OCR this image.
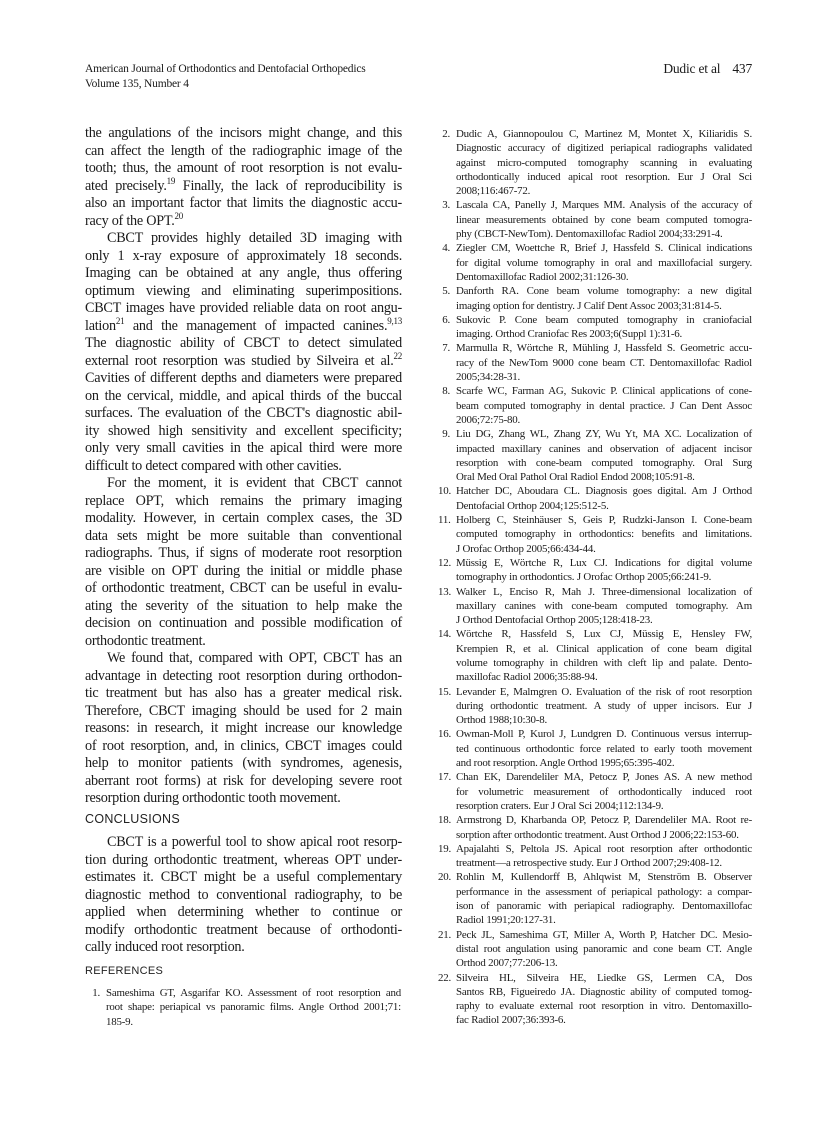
American Journal of Orthodontics and Dentofacial Orthopedics
Volume 135, Number 4
Dudic et al 437
the angulations of the incisors might change, and this
can affect the length of the radiographic image of the
tooth; thus, the amount of root resorption is not evalu-
ated precisely.$^{19}$ Finally, the lack of reproducibility is
also an important factor that limits the diagnostic accu-
racy of the OPT.$^{20}$
CBCT provides highly detailed 3D imaging with
only 1 x-ray exposure of approximately 18 seconds.
Imaging can be obtained at any angle, thus offering
optimum viewing and eliminating superimpositions.
CBCT images have provided reliable data on root angu-
lation$^{21}$ and the management of impacted canines.$^{9,13}$
The diagnostic ability of CBCT to detect simulated
external root resorption was studied by Silveira et al.$^{22}$
Cavities of different depths and diameters were prepared
on the cervical, middle, and apical thirds of the buccal
surfaces. The evaluation of the CBCT's diagnostic abil-
ity showed high sensitivity and excellent specificity;
only very small cavities in the apical third were more
difficult to detect compared with other cavities.
For the moment, it is evident that CBCT cannot
replace OPT, which remains the primary imaging
modality. However, in certain complex cases, the 3D
data sets might be more suitable than conventional
radiographs. Thus, if signs of moderate root resorption
are visible on OPT during the initial or middle phase
of orthodontic treatment, CBCT can be useful in evalu-
ating the severity of the situation to help make the
decision on continuation and possible modification of
orthodontic treatment.
We found that, compared with OPT, CBCT has an
advantage in detecting root resorption during orthodon-
tic treatment but has also has a greater medical risk.
Therefore, CBCT imaging should be used for 2 main
reasons: in research, it might increase our knowledge
of root resorption, and, in clinics, CBCT images could
help to monitor patients (with syndromes, agenesis,
aberrant root forms) at risk for developing severe root
resorption during orthodontic tooth movement.
CONCLUSIONS
CBCT is a powerful tool to show apical root resorp-
tion during orthodontic treatment, whereas OPT under-
estimates it. CBCT might be a useful complementary
diagnostic method to conventional radiography, to be
applied when determining whether to continue or
modify orthodontic treatment because of orthodonti-
cally induced root resorption.
REFERENCES
1. Sameshima GT, Asgarifar KO. Assessment of root resorption and
root shape: periapical vs panoramic films. Angle Orthod 2001;71:
185-9.
2. Dudic A, Giannopoulou C, Martinez M, Montet X, Kiliaridis S.
Diagnostic accuracy of digitized periapical radiographs validated
against micro-computed tomography scanning in evaluating
orthodontically induced apical root resorption. Eur J Oral Sci
2008;116:467-72.
3. Lascala CA, Panelly J, Marques MM. Analysis of the accuracy of
linear measurements obtained by cone beam computed tomogra-
phy (CBCT-NewTom). Dentomaxillofac Radiol 2004;33:291-4.
4. Ziegler CM, Woettche R, Brief J, Hassfeld S. Clinical indications
for digital volume tomography in oral and maxillofacial surgery.
Dentomaxillofac Radiol 2002;31:126-30.
5. Danforth RA. Cone beam volume tomography: a new digital
imaging option for dentistry. J Calif Dent Assoc 2003;31:814-5.
6. Sukovic P. Cone beam computed tomography in craniofacial
imaging. Orthod Craniofac Res 2003;6(Suppl 1):31-6.
7. Marmulla R, Wörtche R, Mühling J, Hassfeld S. Geometric accu-
racy of the NewTom 9000 cone beam CT. Dentomaxillofac Radiol
2005;34:28-31.
8. Scarfe WC, Farman AG, Sukovic P. Clinical applications of cone-
beam computed tomography in dental practice. J Can Dent Assoc
2006;72:75-80.
9. Liu DG, Zhang WL, Zhang ZY, Wu Yt, MA XC. Localization of
impacted maxillary canines and observation of adjacent incisor
resorption with cone-beam computed tomography. Oral Surg
Oral Med Oral Pathol Oral Radiol Endod 2008;105:91-8.
10. Hatcher DC, Aboudara CL. Diagnosis goes digital. Am J Orthod
Dentofacial Orthop 2004;125:512-5.
11. Holberg C, Steinhäuser S, Geis P, Rudzki-Janson I. Cone-beam
computed tomography in orthodontics: benefits and limitations.
J Orofac Orthop 2005;66:434-44.
12. Müssig E, Wörtche R, Lux CJ. Indications for digital volume
tomography in orthodontics. J Orofac Orthop 2005;66:241-9.
13. Walker L, Enciso R, Mah J. Three-dimensional localization of
maxillary canines with cone-beam computed tomography. Am
J Orthod Dentofacial Orthop 2005;128:418-23.
14. Wörtche R, Hassfeld S, Lux CJ, Müssig E, Hensley FW,
Krempien R, et al. Clinical application of cone beam digital
volume tomography in children with cleft lip and palate. Dento-
maxillofac Radiol 2006;35:88-94.
15. Levander E, Malmgren O. Evaluation of the risk of root resorption
during orthodontic treatment. A study of upper incisors. Eur J
Orthod 1988;10:30-8.
16. Owman-Moll P, Kurol J, Lundgren D. Continuous versus interrup-
ted continuous orthodontic force related to early tooth movement
and root resorption. Angle Orthod 1995;65:395-402.
17. Chan EK, Darendeliler MA, Petocz P, Jones AS. A new method
for volumetric measurement of orthodontically induced root
resorption craters. Eur J Oral Sci 2004;112:134-9.
18. Armstrong D, Kharbanda OP, Petocz P, Darendeliler MA. Root re-
sorption after orthodontic treatment. Aust Orthod J 2006;22:153-60.
19. Apajalahti S, Peltola JS. Apical root resorption after orthodontic
treatment—a retrospective study. Eur J Orthod 2007;29:408-12.
20. Rohlin M, Kullendorff B, Ahlqwist M, Stenström B. Observer
performance in the assessment of periapical pathology: a compar-
ison of panoramic with periapical radiography. Dentomaxillofac
Radiol 1991;20:127-31.
21. Peck JL, Sameshima GT, Miller A, Worth P, Hatcher DC. Mesio-
distal root angulation using panoramic and cone beam CT. Angle
Orthod 2007;77:206-13.
22. Silveira HL, Silveira HE, Liedke GS, Lermen CA, Dos
Santos RB, Figueiredo JA. Diagnostic ability of computed tomog-
raphy to evaluate external root resorption in vitro. Dentomaxillo-
fac Radiol 2007;36:393-6.
